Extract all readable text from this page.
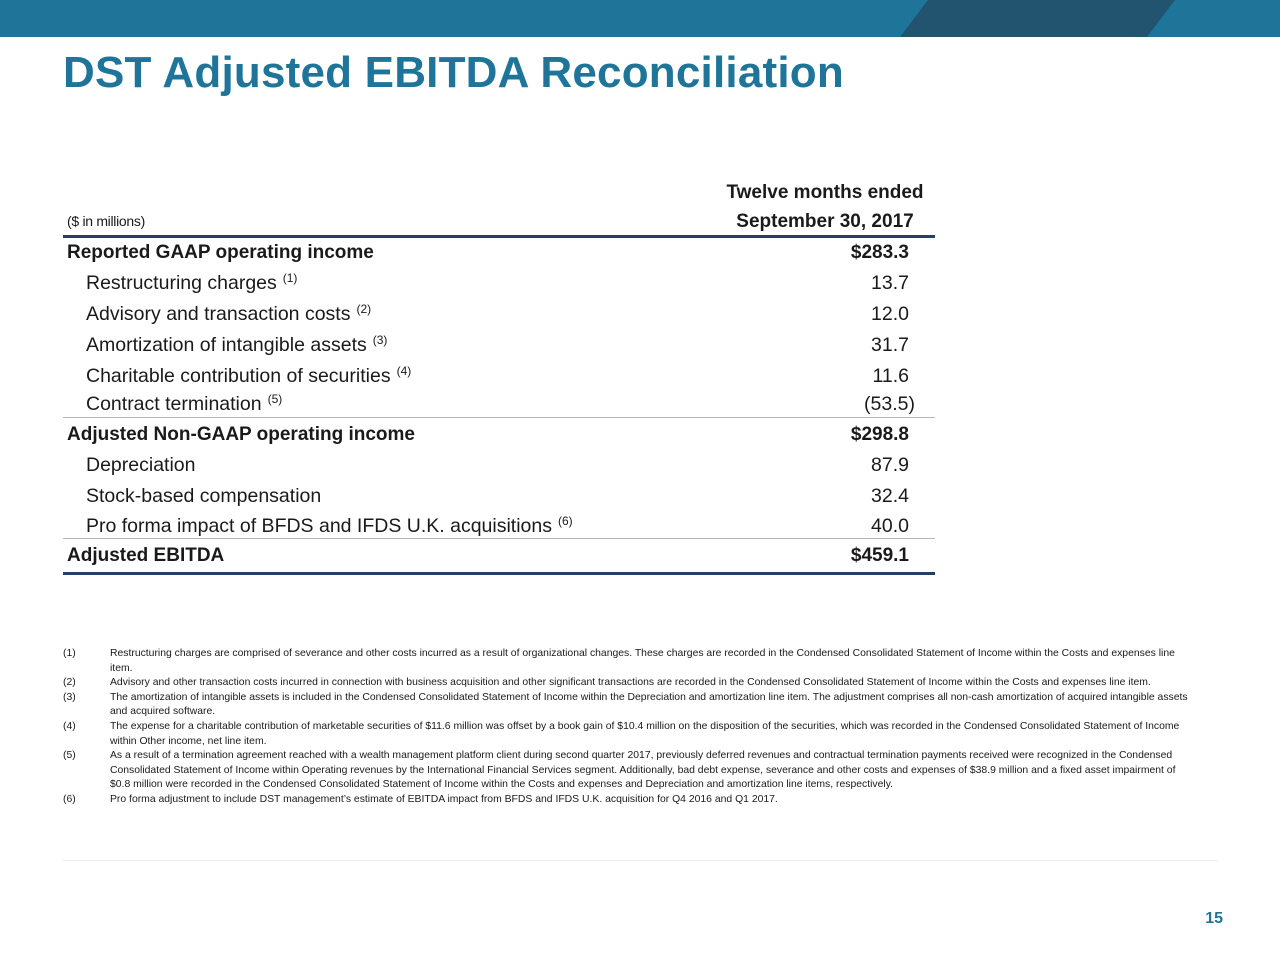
DST Adjusted EBITDA Reconciliation
Twelve months ended
September 30, 2017
($ in millions)
Reported GAAP operating income	$283.3
Restructuring charges $^{(1)}$	13.7
Advisory and transaction costs $^{(2)}$	12.0
Amortization of intangible assets $^{(3)}$	31.7
Charitable contribution of securities $^{(4)}$	11.6
Contract termination $^{(5)}$	(53.5)
Adjusted Non-GAAP operating income	$298.8
Depreciation	87.9
Stock-based compensation	32.4
Pro forma impact of BFDS and IFDS U.K. acquisitions $^{(6)}$	40.0
Adjusted EBITDA	$459.1
(1)	Restructuring charges are comprised of severance and other costs incurred as a result of organizational changes. These charges are recorded in the Condensed Consolidated Statement of Income within the Costs and expenses line item.
(2)	Advisory and other transaction costs incurred in connection with business acquisition and other significant transactions are recorded in the Condensed Consolidated Statement of Income within the Costs and expenses line item.
(3)	The amortization of intangible assets is included in the Condensed Consolidated Statement of Income within the Depreciation and amortization line item. The adjustment comprises all non-cash amortization of acquired intangible assets and acquired software.
(4)	The expense for a charitable contribution of marketable securities of $11.6 million was offset by a book gain of $10.4 million on the disposition of the securities, which was recorded in the Condensed Consolidated Statement of Income within Other income, net line item.
(5)	As a result of a termination agreement reached with a wealth management platform client during second quarter 2017, previously deferred revenues and contractual termination payments received were recognized in the Condensed Consolidated Statement of Income within Operating revenues by the International Financial Services segment. Additionally, bad debt expense, severance and other costs and expenses of $38.9 million and a fixed asset impairment of $0.8 million were recorded in the Condensed Consolidated Statement of Income within the Costs and expenses and Depreciation and amortization line items, respectively.
(6)	Pro forma adjustment to include DST management’s estimate of EBITDA impact from BFDS and IFDS U.K. acquisition for Q4 2016 and Q1 2017.
15
